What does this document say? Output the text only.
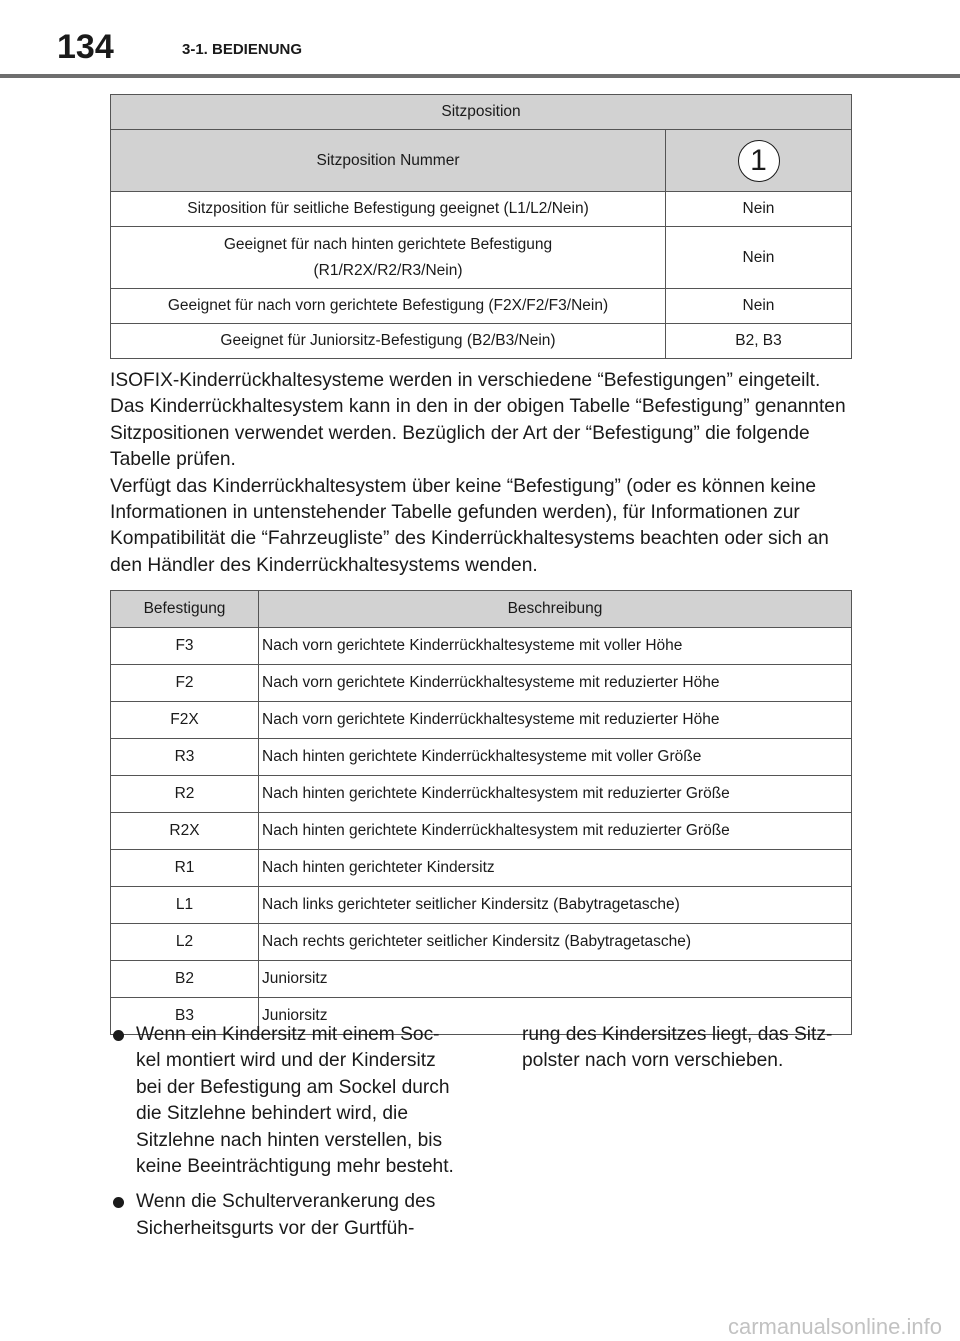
134	3-1. BEDIENUNG
Sitzposition	
Sitzposition Nummer	1
Sitzposition für seitliche Befestigung geeignet (L1/L2/Nein)	Nein
Geeignet für nach hinten gerichtete Befestigung
(R1/R2X/R2/R3/Nein)	Nein
Geeignet für nach vorn gerichtete Befestigung (F2X/F2/F3/Nein)	Nein
Geeignet für Juniorsitz-Befestigung (B2/B3/Nein)	B2, B3

ISOFIX-Kinderrückhaltesysteme werden in verschiedene “Befestigungen” eingeteilt. Das Kinderrückhaltesystem kann in den in der obigen Tabelle “Befestigung” genannten Sitzpositionen verwendet werden. Bezüglich der Art der “Befestigung” die folgende Tabelle prüfen.

Verfügt das Kinderrückhaltesystem über keine “Befestigung” (oder es können keine Informationen in untenstehender Tabelle gefunden werden), für Informationen zur Kompatibilität die “Fahrzeugliste” des Kinderrückhaltesystems beachten oder sich an den Händler des Kinderrückhaltesystems wenden.

Befestigung	Beschreibung
F3	Nach vorn gerichtete Kinderrückhaltesysteme mit voller Höhe
F2	Nach vorn gerichtete Kinderrückhaltesysteme mit reduzierter Höhe
F2X	Nach vorn gerichtete Kinderrückhaltesysteme mit reduzierter Höhe
R3	Nach hinten gerichtete Kinderrückhaltesysteme mit voller Größe
R2	Nach hinten gerichtete Kinderrückhaltesystem mit reduzierter Größe
R2X	Nach hinten gerichtete Kinderrückhaltesystem mit reduzierter Größe
R1	Nach hinten gerichteter Kindersitz
L1	Nach links gerichteter seitlicher Kindersitz (Babytragetasche)
L2	Nach rechts gerichteter seitlicher Kindersitz (Babytragetasche)
B2	Juniorsitz
B3	Juniorsitz
Wenn ein Kindersitz mit einem Soc-kel montiert wird und der Kindersitz bei der Befestigung am Sockel durch die Sitzlehne behindert wird, die Sitzlehne nach hinten verstellen, bis keine Beeinträchtigung mehr besteht.
Wenn die Schulterverankerung des Sicherheitsgurts vor der Gurtfüh-
rung des Kindersitzes liegt, das Sitz-polster nach vorn verschieben.
carmanualsonline.info
